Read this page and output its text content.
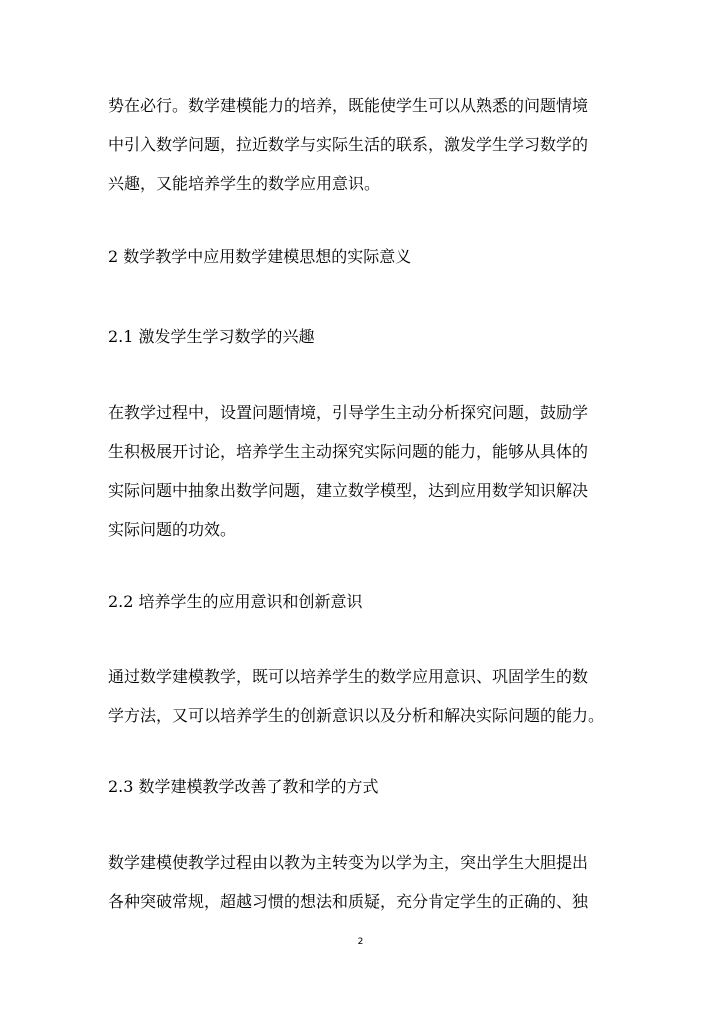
势在必行。数学建模能力的培养，既能使学生可以从熟悉的问题情境
中引入数学问题，拉近数学与实际生活的联系，激发学生学习数学的
兴趣，又能培养学生的数学应用意识。
2 数学教学中应用数学建模思想的实际意义
2.1 激发学生学习数学的兴趣
在教学过程中，设置问题情境，引导学生主动分析探究问题，鼓励学
生积极展开讨论，培养学生主动探究实际问题的能力，能够从具体的
实际问题中抽象出数学问题，建立数学模型，达到应用数学知识解决
实际问题的功效。
2.2 培养学生的应用意识和创新意识
通过数学建模教学，既可以培养学生的数学应用意识、巩固学生的数
学方法，又可以培养学生的创新意识以及分析和解决实际问题的能力。
2.3 数学建模教学改善了教和学的方式
数学建模使教学过程由以教为主转变为以学为主，突出学生大胆提出
各种突破常规，超越习惯的想法和质疑，充分肯定学生的正确的、独
2
